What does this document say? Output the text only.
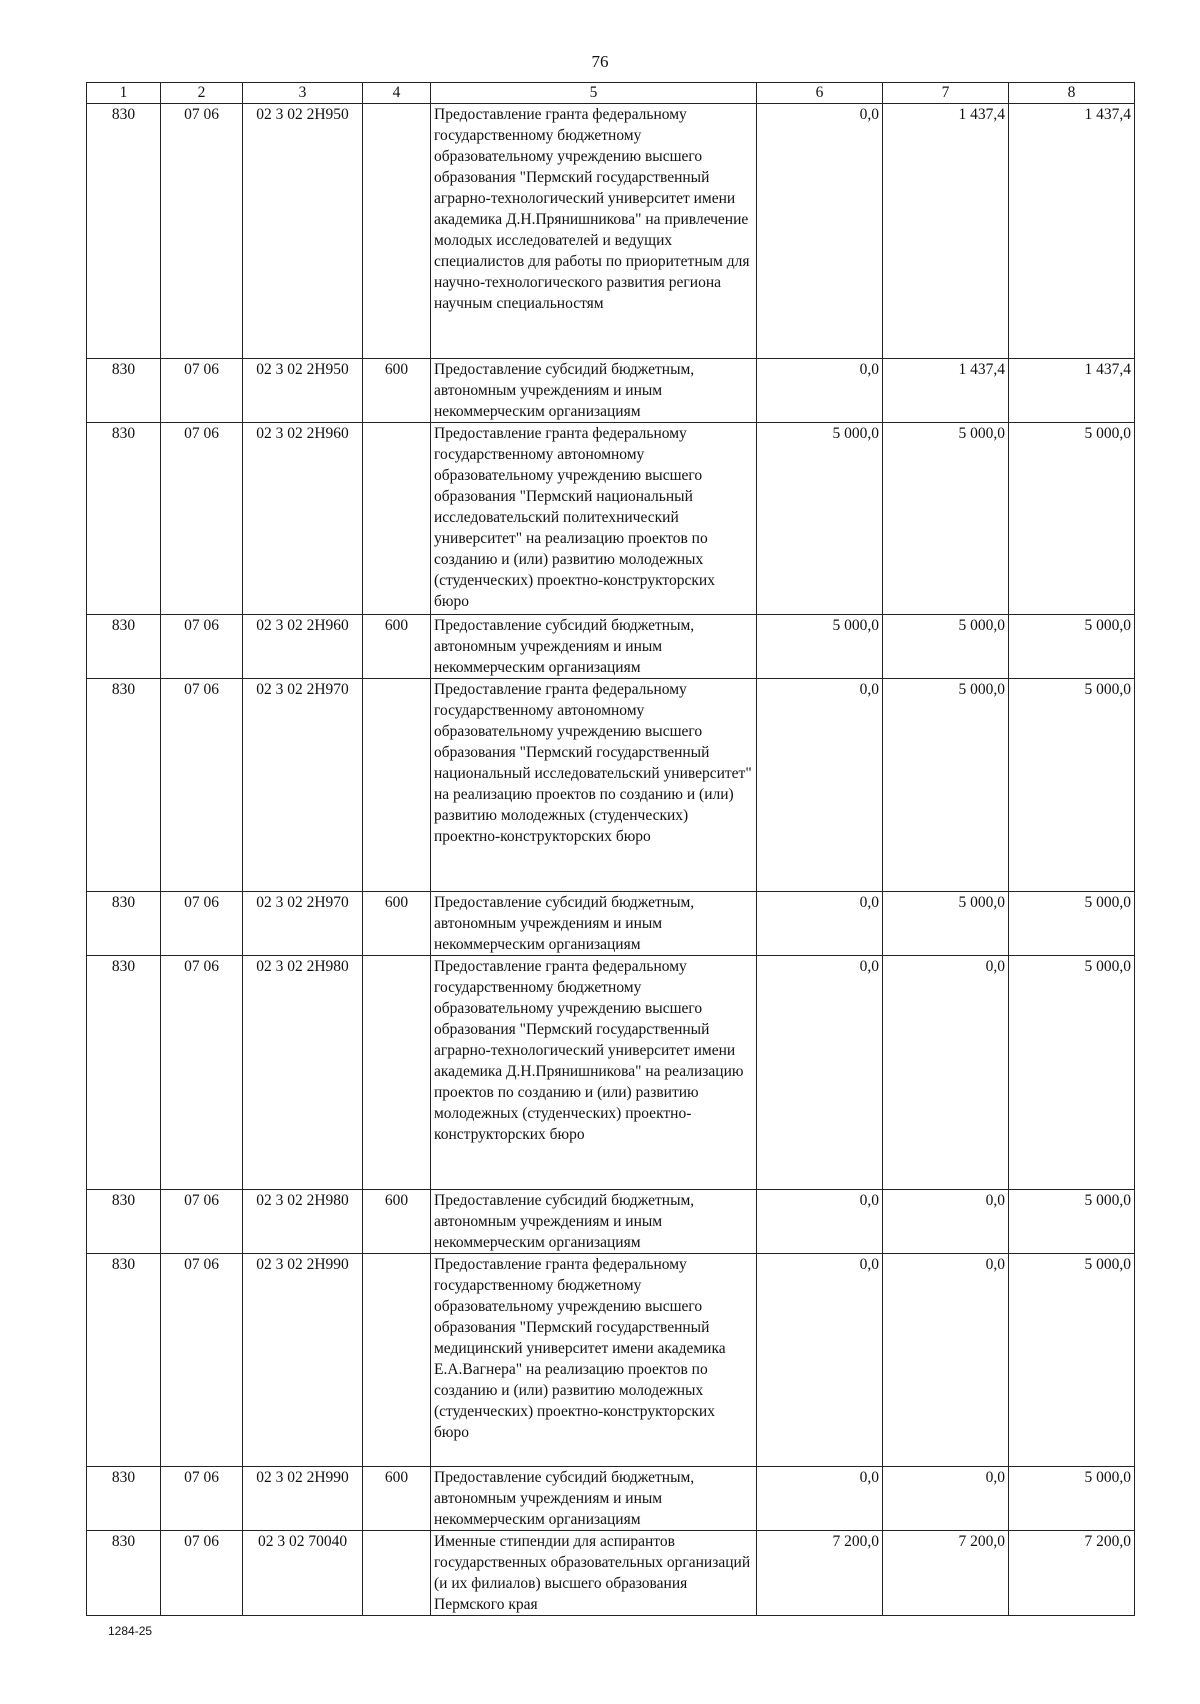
76
1	2	3	4	5	6	7	8
830	07 06	02 3 02 2Н950		Предоставление гранта федеральному государственному бюджетному образовательному учреждению высшего образования "Пермский государственный аграрно-технологический университет имени академика Д.Н.Прянишникова" на привлечение молодых исследователей и ведущих специалистов для работы по приоритетным для научно-технологического развития региона научным специальностям	0,0	1 437,4	1 437,4
830	07 06	02 3 02 2Н950	600	Предоставление субсидий бюджетным, автономным учреждениям и иным некоммерческим организациям	0,0	1 437,4	1 437,4
830	07 06	02 3 02 2Н960		Предоставление гранта федеральному государственному автономному образовательному учреждению высшего образования "Пермский национальный исследовательский политехнический университет" на реализацию проектов по созданию и (или) развитию молодежных (студенческих) проектно-конструкторских бюро	5 000,0	5 000,0	5 000,0
830	07 06	02 3 02 2Н960	600	Предоставление субсидий бюджетным, автономным учреждениям и иным некоммерческим организациям	5 000,0	5 000,0	5 000,0
830	07 06	02 3 02 2Н970		Предоставление гранта федеральному государственному автономному образовательному учреждению высшего образования "Пермский государственный национальный исследовательский университет" на реализацию проектов по созданию и (или) развитию молодежных (студенческих) проектно-конструкторских бюро	0,0	5 000,0	5 000,0
830	07 06	02 3 02 2Н970	600	Предоставление субсидий бюджетным, автономным учреждениям и иным некоммерческим организациям	0,0	5 000,0	5 000,0
830	07 06	02 3 02 2Н980		Предоставление гранта федеральному государственному бюджетному образовательному учреждению высшего образования "Пермский государственный аграрно-технологический университет имени академика Д.Н.Прянишникова" на реализацию проектов по созданию и (или) развитию молодежных (студенческих) проектно-конструкторских бюро	0,0	0,0	5 000,0
830	07 06	02 3 02 2Н980	600	Предоставление субсидий бюджетным, автономным учреждениям и иным некоммерческим организациям	0,0	0,0	5 000,0
830	07 06	02 3 02 2Н990		Предоставление гранта федеральному государственному бюджетному образовательному учреждению высшего образования "Пермский государственный медицинский университет имени академика Е.А.Вагнера" на реализацию проектов по созданию и (или) развитию молодежных (студенческих) проектно-конструкторских бюро	0,0	0,0	5 000,0
830	07 06	02 3 02 2Н990	600	Предоставление субсидий бюджетным, автономным учреждениям и иным некоммерческим организациям	0,0	0,0	5 000,0
830	07 06	02 3 02 70040		Именные стипендии для аспирантов государственных образовательных организаций (и их филиалов) высшего образования Пермского края	7 200,0	7 200,0	7 200,0
1284-25
